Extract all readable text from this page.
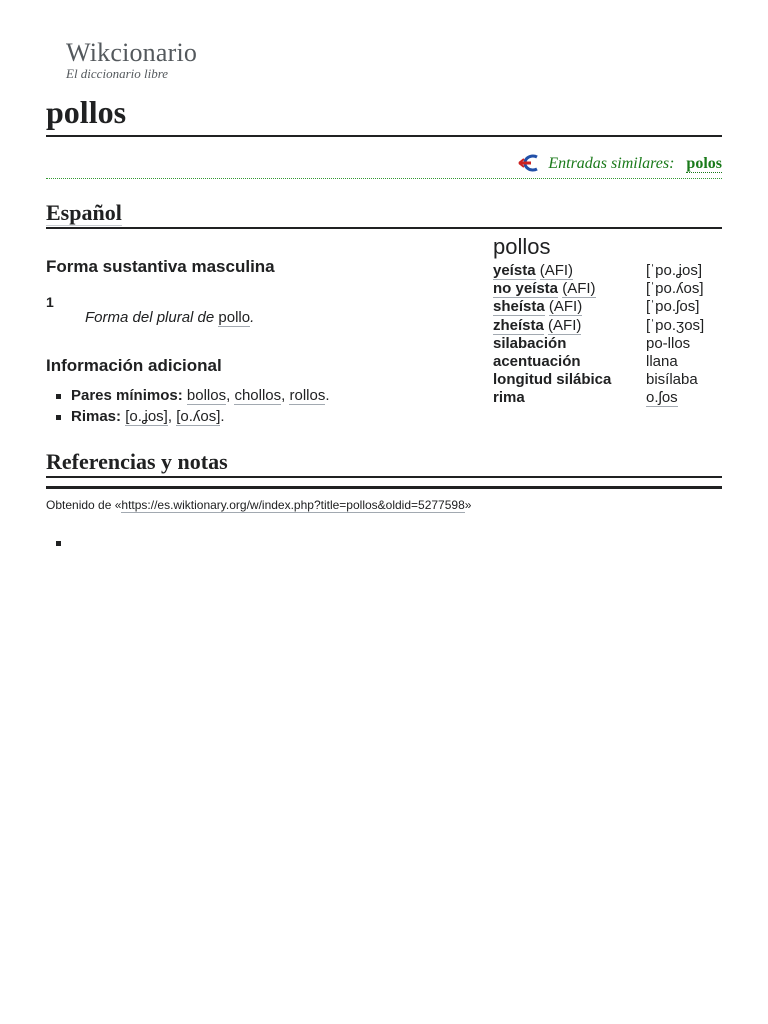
Wikcionario
El diccionario libre
pollos
Entradas similares: polos
Español
Forma sustantiva masculina
1
Forma del plural de pollo.
Información adicional
Pares mínimos: bollos, chollos, rollos.
Rimas: [o.ʝos], [o.ʎos].
pollos
yeísta (AFI)	[ˈpo.ʝos]
no yeísta (AFI)	[ˈpo.ʎos]
sheísta (AFI)	[ˈpo.ʃos]
zheísta (AFI)	[ˈpo.ʒos]
silabación	po-llos
acentuación	llana
longitud silábica	bisílaba
rima	o.ʃos
Referencias y notas
Obtenido de «https://es.wiktionary.org/w/index.php?title=pollos&oldid=5277598»
